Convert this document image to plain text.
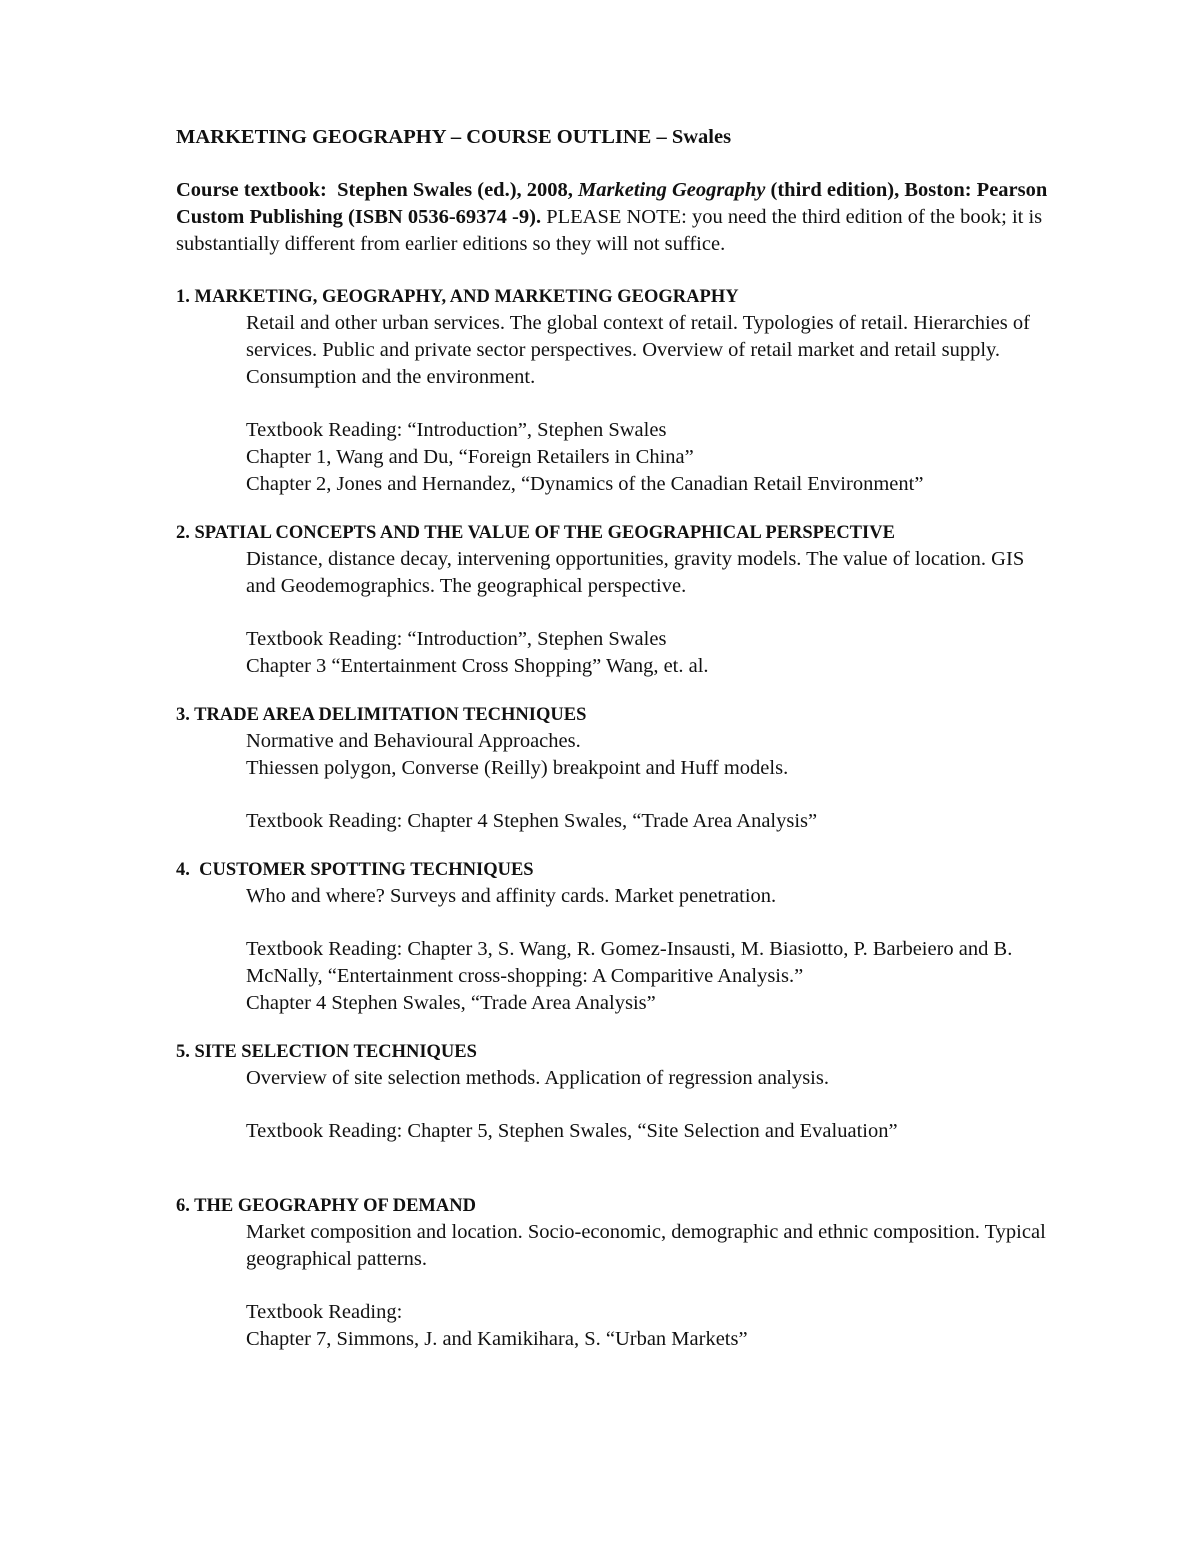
MARKETING GEOGRAPHY – COURSE OUTLINE – Swales
Course textbook: Stephen Swales (ed.), 2008, Marketing Geography (third edition), Boston: Pearson Custom Publishing (ISBN 0536-69374 -9). PLEASE NOTE: you need the third edition of the book; it is substantially different from earlier editions so they will not suffice.
1. MARKETING, GEOGRAPHY, AND MARKETING GEOGRAPHY

Retail and other urban services. The global context of retail. Typologies of retail. Hierarchies of services. Public and private sector perspectives. Overview of retail market and retail supply. Consumption and the environment.

Textbook Reading: “Introduction”, Stephen Swales
Chapter 1, Wang and Du, “Foreign Retailers in China”
Chapter 2, Jones and Hernandez, “Dynamics of the Canadian Retail Environment”
2. SPATIAL CONCEPTS AND THE VALUE OF THE GEOGRAPHICAL PERSPECTIVE

Distance, distance decay, intervening opportunities, gravity models. The value of location. GIS and Geodemographics. The geographical perspective.

Textbook Reading: “Introduction”, Stephen Swales
Chapter 3 “Entertainment Cross Shopping” Wang, et. al.
3. TRADE AREA DELIMITATION TECHNIQUES
Normative and Behavioural Approaches.
Thiessen polygon, Converse (Reilly) breakpoint and Huff models.
Textbook Reading: Chapter 4 Stephen Swales, “Trade Area Analysis”
4.  CUSTOMER SPOTTING TECHNIQUES

Who and where? Surveys and affinity cards. Market penetration.

Textbook Reading: Chapter 3, S. Wang, R. Gomez-Insausti, M. Biasiotto, P. Barbeiero and B. McNally, “Entertainment cross-shopping: A Comparitive Analysis.”
Chapter 4 Stephen Swales, “Trade Area Analysis”
5. SITE SELECTION TECHNIQUES

Overview of site selection methods. Application of regression analysis.

Textbook Reading: Chapter 5, Stephen Swales, “Site Selection and Evaluation”
6. THE GEOGRAPHY OF DEMAND

Market composition and location. Socio-economic, demographic and ethnic composition. Typical geographical patterns.

Textbook Reading:
Chapter 7, Simmons, J. and Kamikihara, S. “Urban Markets”
